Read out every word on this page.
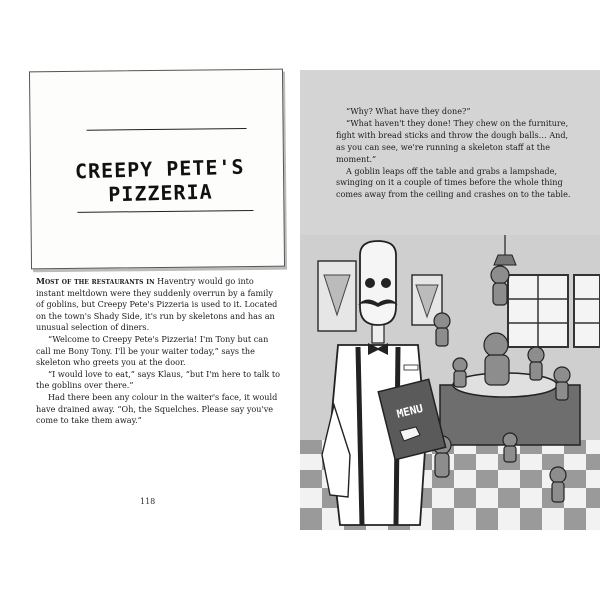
CREEPY PETE'S PIZZERIA

Most of the restaurants in Haventry would go into instant meltdown were they suddenly overrun by a family of goblins, but Creepy Pete's Pizzeria is used to it. Located on the town's Shady Side, it's run by skeletons and has an unusual selection of diners.

“Welcome to Creepy Pete's Pizzeria! I'm Tony but can call me Bony Tony. I'll be your waiter today,” says the skeleton who greets you at the door.

“I would love to eat,” says Klaus, “but I'm here to talk to the goblins over there.”

Had there been any colour in the waiter's face, it would have drained away. “Oh, the Squelches. Please say you've come to take them away.”

118

“Why? What have they done?”

“What haven't they done! They chew on the furniture, fight with bread sticks and throw the dough balls… And, as you can see, we're running a skeleton staff at the moment.”

A goblin leaps off the table and grabs a lampshade, swinging on it a couple of times before the whole thing comes away from the ceiling and crashes on to the table.

MENU
